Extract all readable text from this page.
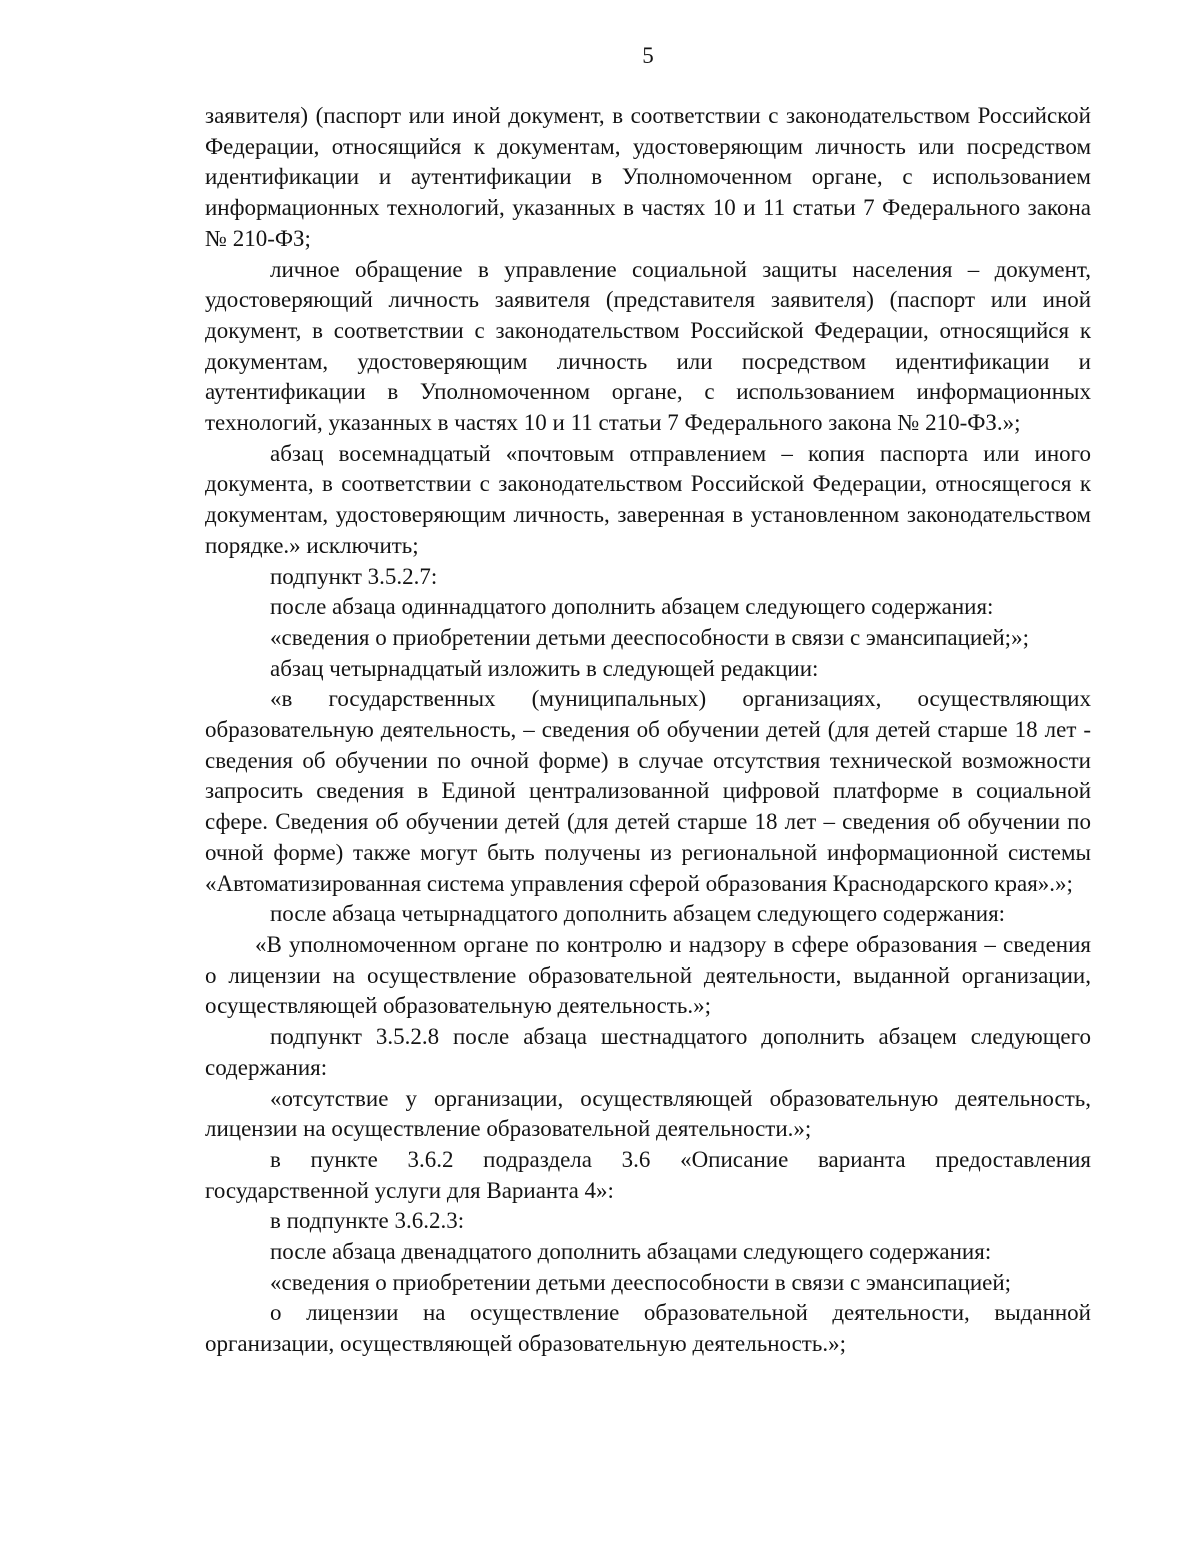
5

заявителя) (паспорт или иной документ, в соответствии с законодательством Российской Федерации, относящийся к документам, удостоверяющим личность или посредством идентификации и аутентификации в Уполномоченном органе, с использованием информационных технологий, указанных в частях 10 и 11 статьи 7 Федерального закона № 210-ФЗ;

личное обращение в управление социальной защиты населения – документ, удостоверяющий личность заявителя (представителя заявителя) (паспорт или иной документ, в соответствии с законодательством Российской Федерации, относящийся к документам, удостоверяющим личность или посредством идентификации и аутентификации в Уполномоченном органе, с использованием информационных технологий, указанных в частях 10 и 11 статьи 7 Федерального закона № 210-ФЗ.»;

абзац восемнадцатый «почтовым отправлением – копия паспорта или иного документа, в соответствии с законодательством Российской Федерации, относящегося к документам, удостоверяющим личность, заверенная в установленном законодательством порядке.» исключить;

подпункт 3.5.2.7:

после абзаца одиннадцатого дополнить абзацем следующего содержания:

«сведения о приобретении детьми дееспособности в связи с эмансипацией;»;

абзац четырнадцатый изложить в следующей редакции:

«в государственных (муниципальных) организациях, осуществляющих образовательную деятельность, – сведения об обучении детей (для детей старше 18 лет - сведения об обучении по очной форме) в случае отсутствия технической возможности запросить сведения в Единой централизованной цифровой платформе в социальной сфере. Сведения об обучении детей (для детей старше 18 лет – сведения об обучении по очной форме) также могут быть получены из региональной информационной системы «Автоматизированная система управления сферой образования Краснодарского края».»;

после абзаца четырнадцатого дополнить абзацем следующего содержания:

«В уполномоченном органе по контролю и надзору в сфере образования – сведения о лицензии на осуществление образовательной деятельности, выданной организации, осуществляющей образовательную деятельность.»;

подпункт 3.5.2.8 после абзаца шестнадцатого дополнить абзацем следующего содержания:

«отсутствие у организации, осуществляющей образовательную деятельность, лицензии на осуществление образовательной деятельности.»;

в пункте 3.6.2 подраздела 3.6 «Описание варианта предоставления государственной услуги для Варианта 4»:

в подпункте 3.6.2.3:

после абзаца двенадцатого дополнить абзацами следующего содержания:

«сведения о приобретении детьми дееспособности в связи с эмансипацией;

о лицензии на осуществление образовательной деятельности, выданной организации, осуществляющей образовательную деятельность.»;
